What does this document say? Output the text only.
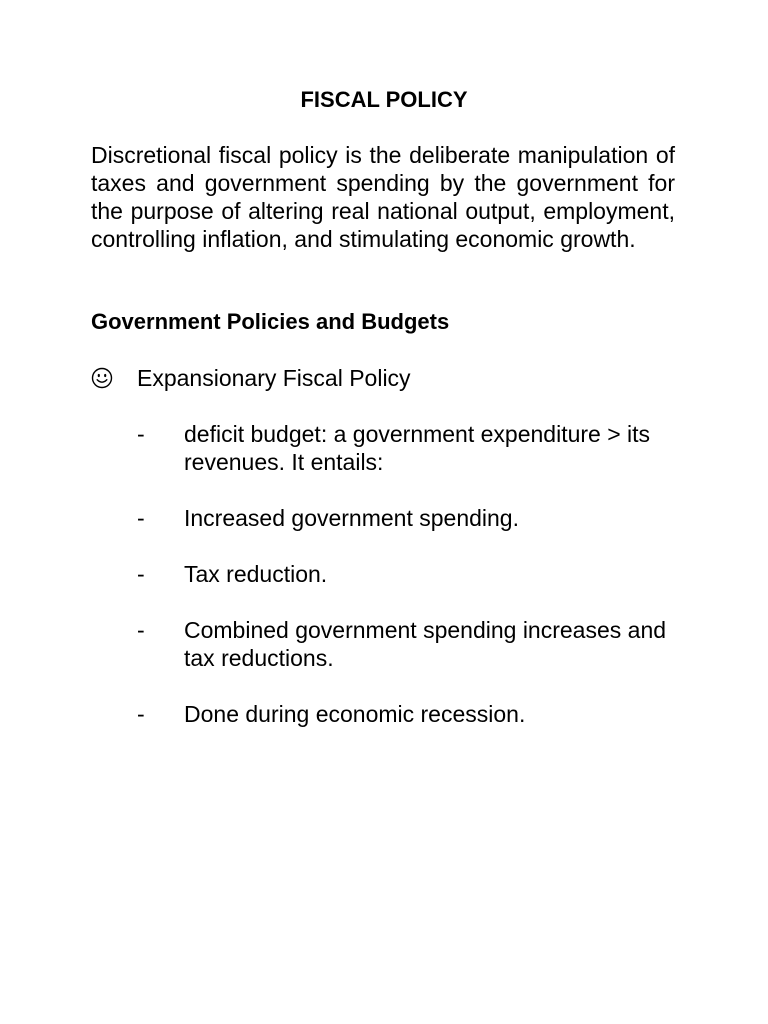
FISCAL POLICY

Discretional fiscal policy is the deliberate manipulation of taxes and government spending by the government for the purpose of altering real national output, employment, controlling inflation, and stimulating economic growth.

Government Policies and Budgets
Expansionary Fiscal Policy
-	deficit budget: a government expenditure > its revenues. It entails:
-	Increased government spending.
-	Tax reduction.
-	Combined government spending increases and tax reductions.
-	Done during economic recession.
